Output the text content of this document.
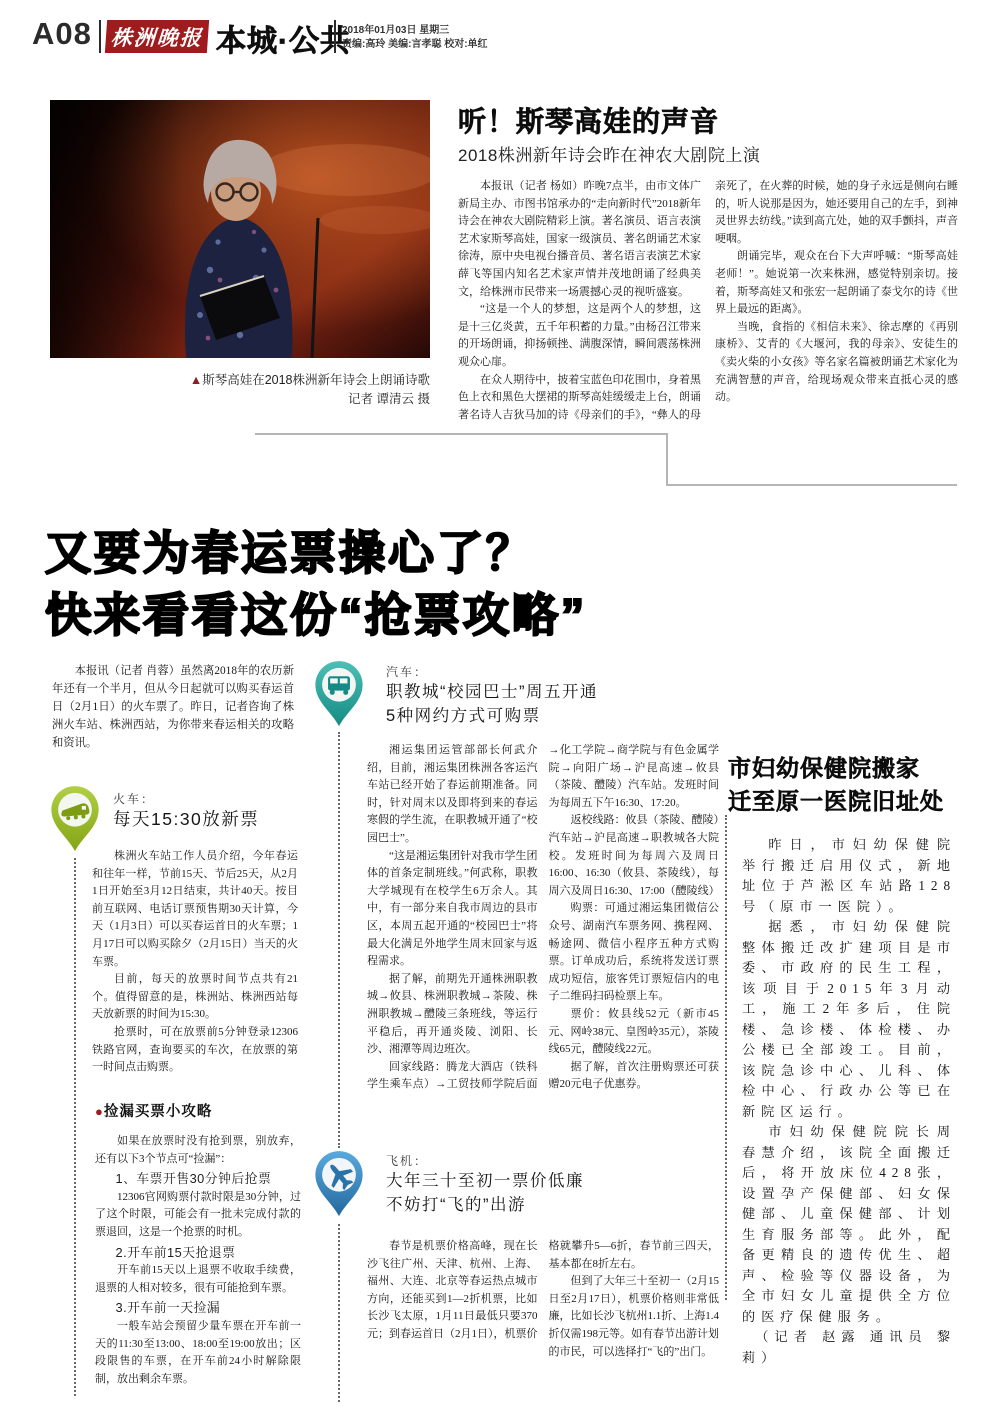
A08 株洲晚报 本城·公共
2018年01月03日 星期三
责编:高玲 美编:言孝聪 校对:单红
▲斯琴高娃在2018株洲新年诗会上朗诵诗歌
记者 谭清云 摄
听！斯琴高娃的声音
2018株洲新年诗会昨在神农大剧院上演

本报讯（记者 杨如）昨晚7点半，由市文体广新局主办、市图书馆承办的“走向新时代”2018新年诗会在神农大剧院精彩上演。著名演员、语言表演艺术家斯琴高娃，国家一级演员、著名朗诵艺术家徐涛，原中央电视台播音员、著名语言表演艺术家薛飞等国内知名艺术家声情并茂地朗诵了经典美文，给株洲市民带来一场震撼心灵的视听盛宴。

“这是一个人的梦想，这是两个人的梦想，这是十三亿炎黄，五千年积蓄的力量。”由杨召江带来的开场朗诵，抑扬顿挫、满腹深情，瞬间震荡株洲观众心扉。

在众人期待中，披着宝蓝色印花围巾，身着黑色上衣和黑色大摆裙的斯琴高娃缓缓走上台，朗诵著名诗人吉狄马加的诗《母亲们的手》，“彝人的母亲死了，在火葬的时候，她的身子永远是侧向右睡的，听人说那是因为，她还要用自己的左手，到神灵世界去纺线。”读到高亢处，她的双手颤抖，声音哽咽。

朗诵完毕，观众在台下大声呼喊：“斯琴高娃老师！”。她说第一次来株洲，感觉特别亲切。接着，斯琴高娃又和张宏一起朗诵了泰戈尔的诗《世界上最远的距离》。

当晚，食指的《相信未来》、徐志摩的《再别康桥》、艾青的《大堰河，我的母亲》、安徒生的《卖火柴的小女孩》等名家名篇被朗诵艺术家化为充满智慧的声音，给现场观众带来直抵心灵的感动。

又要为春运票操心了？
快来看看这份“抢票攻略”

本报讯（记者 肖蓉）虽然离2018年的农历新年还有一个半月，但从今日起就可以购买春运首日（2月1日）的火车票了。昨日，记者咨询了株洲火车站、株洲西站，为你带来春运相关的攻略和资讯。

汽车：
职教城“校园巴士”周五开通
5种网约方式可购票

湘运集团运管部部长何武介绍，目前，湘运集团株洲各客运汽车站已经开始了春运前期准备。同时，针对周末以及即将到来的春运寒假的学生流，在职教城开通了“校园巴士”。

“这是湘运集团针对我市学生团体的首条定制班线。”何武称，职教大学城现有在校学生6万余人。其中，有一部分来自我市周边的县市区，本周五起开通的“校园巴士”将最大化满足外地学生周末回家与返程需求。

据了解，前期先开通株洲职教城→攸县、株洲职教城→茶陵、株洲职教城→醴陵三条班线，等运行平稳后，再开通炎陵、浏阳、长沙、湘潭等周边班次。

回家线路：腾龙大酒店（铁科学生乘车点）→工贸技师学院后面→化工学院→商学院与有色金属学院→向阳广场→沪昆高速→攸县（茶陵、醴陵）汽车站。发班时间为每周五下午16:30、17:20。

返校线路：攸县（茶陵、醴陵）汽车站→沪昆高速→职教城各大院校。发班时间为每周六及周日16:00、16:30（攸县、茶陵线），每周六及周日16:30、17:00（醴陵线）

购票：可通过湘运集团微信公众号、湖南汽车票务网、携程网、畅途网、微信小程序五种方式购票。订单成功后，系统将发送订票成功短信，旅客凭订票短信内的电子二维码扫码检票上车。

票价：攸县线52元（新市45元、网岭38元、皇图岭35元），茶陵线65元，醴陵线22元。

据了解，首次注册购票还可获赠20元电子优惠券。

火车：
每天15:30放新票

株洲火车站工作人员介绍，今年春运和往年一样，节前15天、节后25天，从2月1日开始至3月12日结束，共计40天。按目前互联网、电话订票预售期30天计算，今天（1月3日）可以买春运首日的火车票；1月17日可以购买除夕（2月15日）当天的火车票。

目前，每天的放票时间节点共有21个。值得留意的是，株洲站、株洲西站每天放新票的时间为15:30。

抢票时，可在放票前5分钟登录12306铁路官网，查询要买的车次，在放票的第一时间点击购票。

●捡漏买票小攻略

如果在放票时没有抢到票，别放弃，还有以下3个节点可“捡漏”：

1、车票开售30分钟后抢票

12306官网购票付款时限是30分钟，过了这个时限，可能会有一批未完成付款的票退回，这是一个抢票的时机。

2.开车前15天抢退票

开车前15天以上退票不收取手续费，退票的人相对较多，很有可能抢到车票。

3.开车前一天捡漏

一般车站会预留少量车票在开车前一天的11:30至13:00、18:00至19:00放出；区段限售的车票，在开车前24小时解除限制，放出剩余车票。

飞机：
大年三十至初一票价低廉
不妨打“飞的”出游

春节是机票价格高峰，现在长沙飞往广州、天津、杭州、上海、福州、大连、北京等春运热点城市方向，还能买到1—2折机票，比如长沙飞太原，1月11日最低只要370元；到春运首日（2月1日），机票价格就攀升5—6折，春节前三四天，基本都在8折左右。

但到了大年三十至初一（2月15日至2月17日），机票价格则非常低廉，比如长沙飞杭州1.1折、上海1.4折仅需198元等。如有春节出游计划的市民，可以选择打“飞的”出门。

市妇幼保健院搬家
迁至原一医院旧址处

昨日，市妇幼保健院举行搬迁启用仪式，新地址位于芦淞区车站路128号（原市一医院）。

据悉，市妇幼保健院整体搬迁改扩建项目是市委、市政府的民生工程，该项目于2015年3月动工，施工2年多后，住院楼、急诊楼、体检楼、办公楼已全部竣工。目前，该院急诊中心、儿科、体检中心、行政办公等已在新院区运行。

市妇幼保健院院长周春慧介绍，该院全面搬迁后，将开放床位428张，设置孕产保健部、妇女保健部、儿童保健部、计划生育服务部等。此外，配备更精良的遗传优生、超声、检验等仪器设备，为全市妇女儿童提供全方位的医疗保健服务。

（记者 赵露 通讯员 黎莉）
